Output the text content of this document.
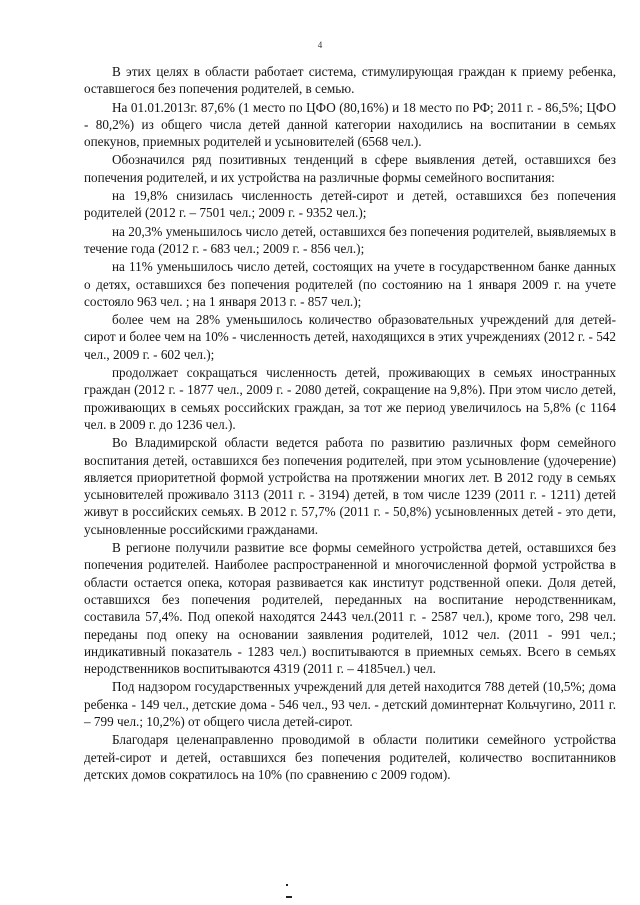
4

В этих целях в области работает система, стимулирующая граждан к приему ребенка, оставшегося без попечения родителей, в семью.

На 01.01.2013г. 87,6% (1 место по ЦФО (80,16%) и 18 место по РФ; 2011 г. - 86,5%; ЦФО - 80,2%) из общего числа детей данной категории находились на воспитании в семьях опекунов, приемных родителей и усыновителей (6568 чел.).

Обозначился ряд позитивных тенденций в сфере выявления детей, оставшихся без попечения родителей, и их устройства на различные формы семейного воспитания:

на 19,8% снизилась численность детей-сирот и детей, оставшихся без попечения родителей (2012 г. – 7501 чел.; 2009 г. - 9352 чел.);

на 20,3% уменьшилось число детей, оставшихся без попечения родителей, выявляемых в течение года (2012 г. - 683 чел.; 2009 г. - 856 чел.);

на 11% уменьшилось число детей, состоящих на учете в государственном банке данных о детях, оставшихся без попечения родителей (по состоянию на 1 января 2009 г. на учете состояло 963 чел. ; на 1 января 2013 г. - 857 чел.);

более чем на 28% уменьшилось количество образовательных учреждений для детей-сирот и более чем на 10% - численность детей, находящихся в этих учреждениях (2012 г. - 542 чел., 2009 г. - 602 чел.);

продолжает сокращаться численность детей, проживающих в семьях иностранных граждан (2012 г. - 1877 чел., 2009 г. - 2080 детей, сокращение на 9,8%). При этом число детей, проживающих в семьях российских граждан, за тот же период увеличилось на 5,8% (с 1164 чел. в 2009 г. до 1236 чел.).

Во Владимирской области ведется работа по развитию различных форм семейного воспитания детей, оставшихся без попечения родителей, при этом усыновление (удочерение) является приоритетной формой устройства на протяжении многих лет. В 2012 году в семьях усыновителей проживало 3113 (2011 г. - 3194) детей, в том числе 1239 (2011 г. - 1211) детей живут в российских семьях. В 2012 г. 57,7% (2011 г. - 50,8%) усыновленных детей - это дети, усыновленные российскими гражданами.

В регионе получили развитие все формы семейного устройства детей, оставшихся без попечения родителей. Наиболее распространенной и многочисленной формой устройства в области остается опека, которая развивается как институт родственной опеки. Доля детей, оставшихся без попечения родителей, переданных на воспитание неродственникам, составила 57,4%. Под опекой находятся 2443 чел.(2011 г. - 2587 чел.), кроме того, 298 чел. переданы под опеку на основании заявления родителей, 1012 чел. (2011 - 991 чел.; индикативный показатель - 1283 чел.) воспитываются в приемных семьях. Всего в семьях неродственников воспитываются 4319 (2011 г. – 4185чел.) чел.

Под надзором государственных учреждений для детей находится 788 детей (10,5%; дома ребенка - 149 чел., детские дома - 546 чел., 93 чел. - детский доминтернат Кольчугино, 2011 г. – 799 чел.; 10,2%) от общего числа детей-сирот.

Благодаря целенаправленно проводимой в области политики семейного устройства детей-сирот и детей, оставшихся без попечения родителей, количество воспитанников детских домов сократилось на 10% (по сравнению с 2009 годом).
